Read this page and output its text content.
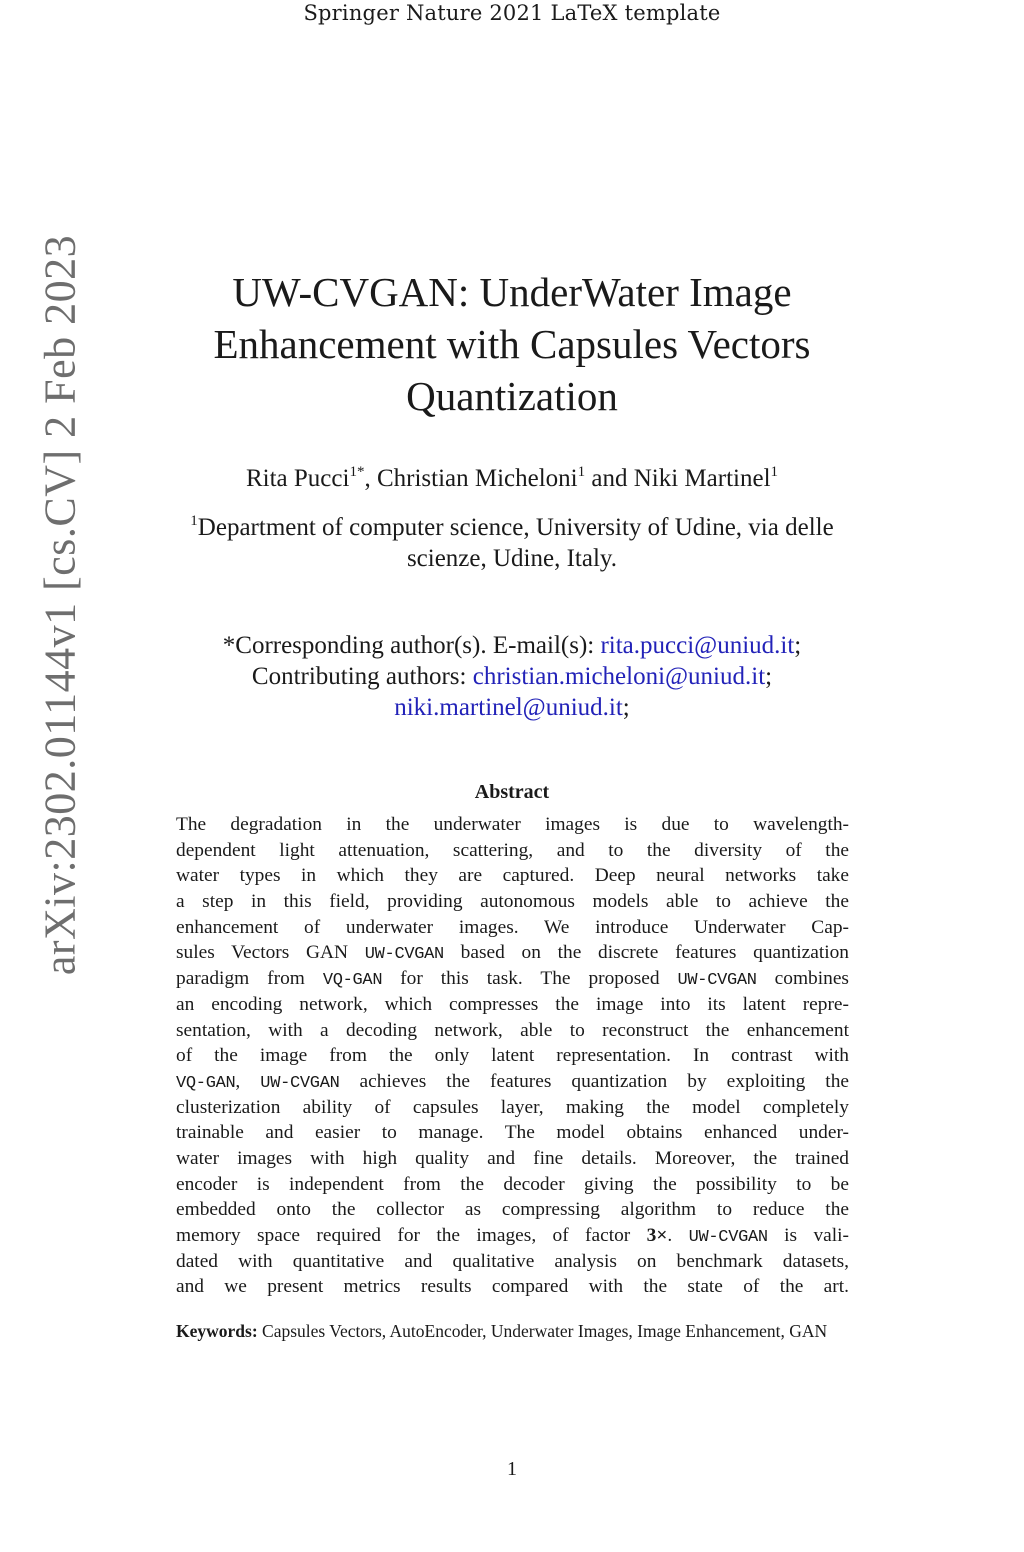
Springer Nature 2021 LaTeX template
arXiv:2302.01144v1 [cs.CV] 2 Feb 2023	UW-CVGAN: UnderWater Image
Enhancement with Capsules Vectors
Quantization
Rita Pucci$^{1*}$, Christian Micheloni$^1$ and Niki Martinel$^1$
$^1$Department of computer science, University of Udine, via delle
scienze, Udine, Italy.
*Corresponding author(s). E-mail(s): rita.pucci@uniud.it;
Contributing authors: christian.micheloni@uniud.it;
niki.martinel@uniud.it;
Abstract
The degradation in the underwater images is due to wavelength-
dependent light attenuation, scattering, and to the diversity of the
water types in which they are captured. Deep neural networks take
a step in this field, providing autonomous models able to achieve the
enhancement of underwater images. We introduce Underwater Cap-
sules Vectors GAN UW-CVGAN based on the discrete features quantization
paradigm from VQ-GAN for this task. The proposed UW-CVGAN combines
an encoding network, which compresses the image into its latent repre-
sentation, with a decoding network, able to reconstruct the enhancement
of the image from the only latent representation. In contrast with
VQ-GAN, UW-CVGAN achieves the features quantization by exploiting the
clusterization ability of capsules layer, making the model completely
trainable and easier to manage. The model obtains enhanced under-
water images with high quality and fine details. Moreover, the trained
encoder is independent from the decoder giving the possibility to be
embedded onto the collector as compressing algorithm to reduce the
memory space required for the images, of factor 3×. UW-CVGAN is vali-
dated with quantitative and qualitative analysis on benchmark datasets,
and we present metrics results compared with the state of the art.
Keywords: Capsules Vectors, AutoEncoder, Underwater Images, Image Enhancement, GAN
1
